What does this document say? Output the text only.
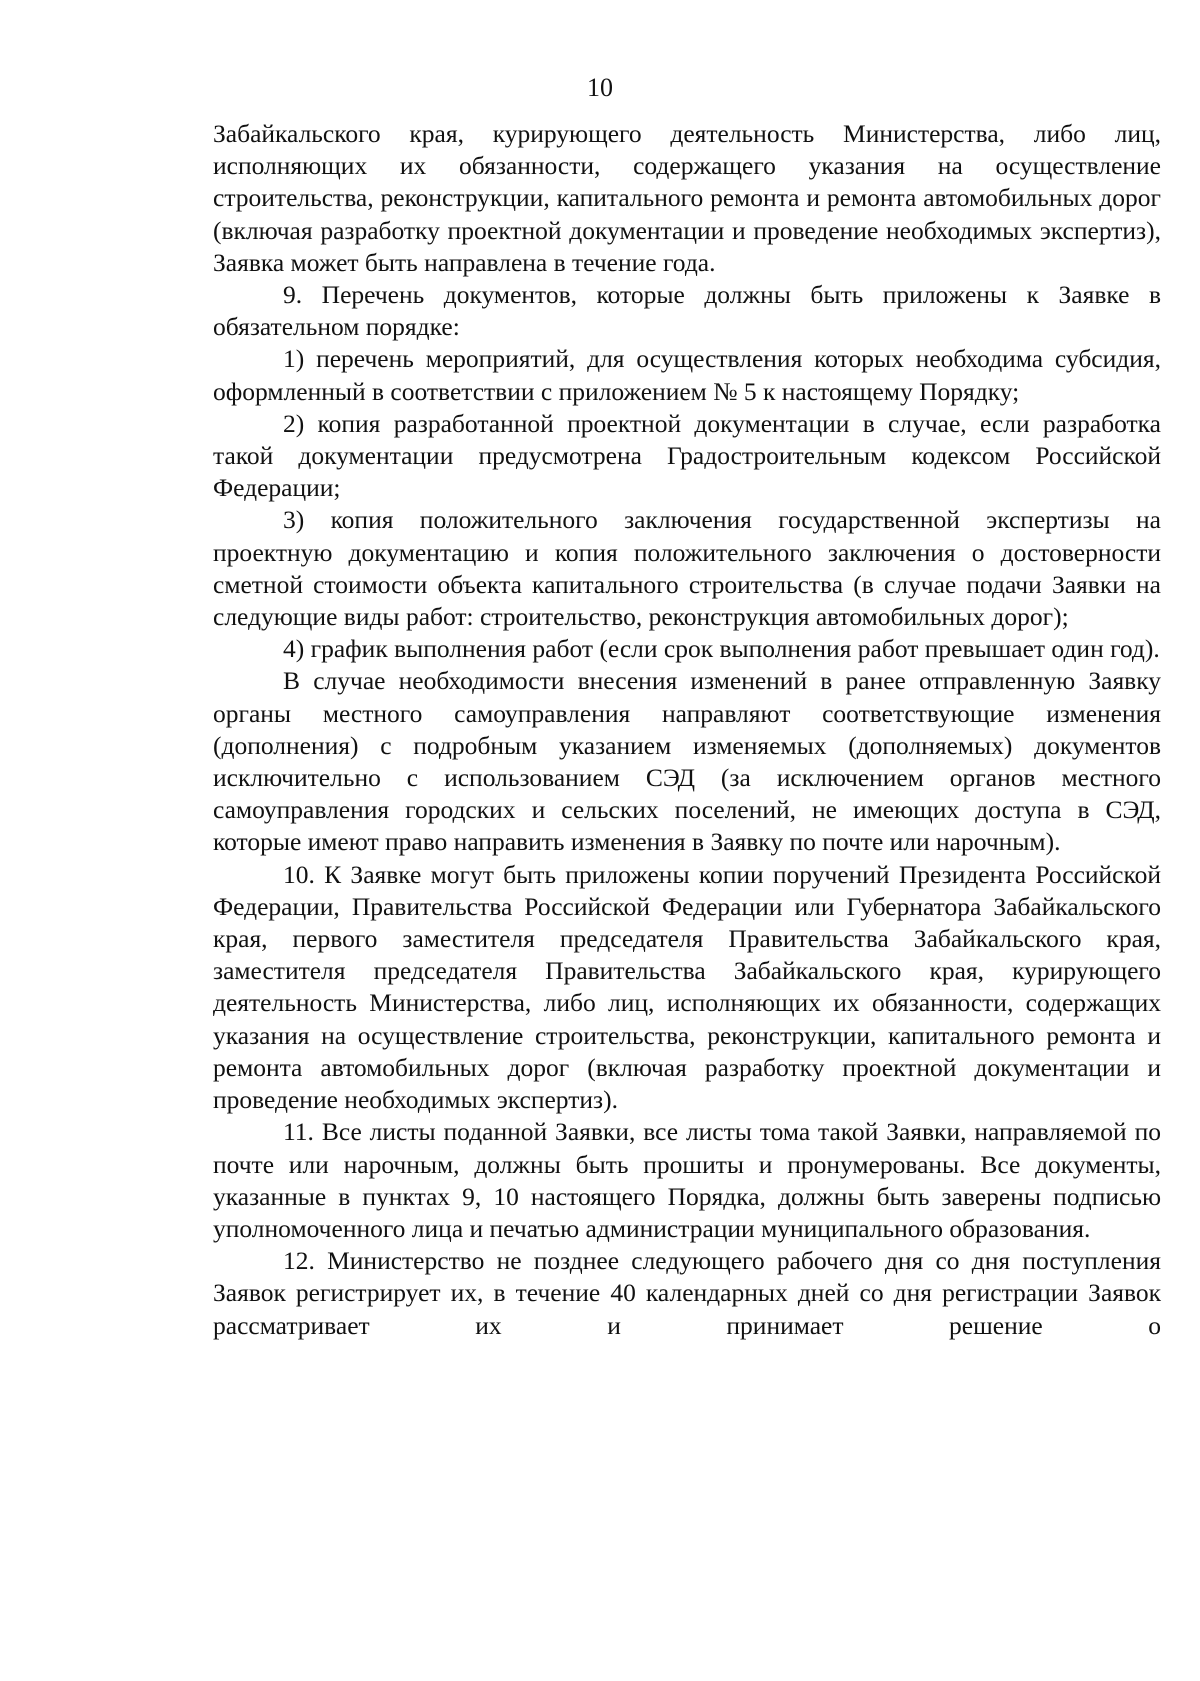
10

Забайкальского края, курирующего деятельность Министерства, либо лиц, исполняющих их обязанности, содержащего указания на осуществление строительства, реконструкции, капитального ремонта и ремонта автомобильных дорог (включая разработку проектной документации и проведение необходимых экспертиз), Заявка может быть направлена в течение года.

9. Перечень документов, которые должны быть приложены к Заявке в обязательном порядке:

1) перечень мероприятий, для осуществления которых необходима субсидия, оформленный в соответствии с приложением № 5 к настоящему Порядку;

2) копия разработанной проектной документации в случае, если разработка такой документации предусмотрена Градостроительным кодексом Российской Федерации;

3) копия положительного заключения государственной экспертизы на проектную документацию и копия положительного заключения о достоверности сметной стоимости объекта капитального строительства (в случае подачи Заявки на следующие виды работ: строительство, реконструкция автомобильных дорог);

4) график выполнения работ (если срок выполнения работ превышает один год).

В случае необходимости внесения изменений в ранее отправленную Заявку органы местного самоуправления направляют соответствующие изменения (дополнения) с подробным указанием изменяемых (дополняемых) документов исключительно с использованием СЭД (за исключением органов местного самоуправления городских и сельских поселений, не имеющих доступа в СЭД, которые имеют право направить изменения в Заявку по почте или нарочным).

10. К Заявке могут быть приложены копии поручений Президента Российской Федерации, Правительства Российской Федерации или Губернатора Забайкальского края, первого заместителя председателя Правительства Забайкальского края, заместителя председателя Правительства Забайкальского края, курирующего деятельность Министерства, либо лиц, исполняющих их обязанности, содержащих указания на осуществление строительства, реконструкции, капитального ремонта и ремонта автомобильных дорог (включая разработку проектной документации и проведение необходимых экспертиз).

11. Все листы поданной Заявки, все листы тома такой Заявки, направляемой по почте или нарочным, должны быть прошиты и пронумерованы. Все документы, указанные в пунктах 9, 10 настоящего Порядка, должны быть заверены подписью уполномоченного лица и печатью администрации муниципального образования.

12. Министерство не позднее следующего рабочего дня со дня поступления Заявок регистрирует их, в течение 40 календарных дней со дня регистрации Заявок рассматривает их и принимает решение о
